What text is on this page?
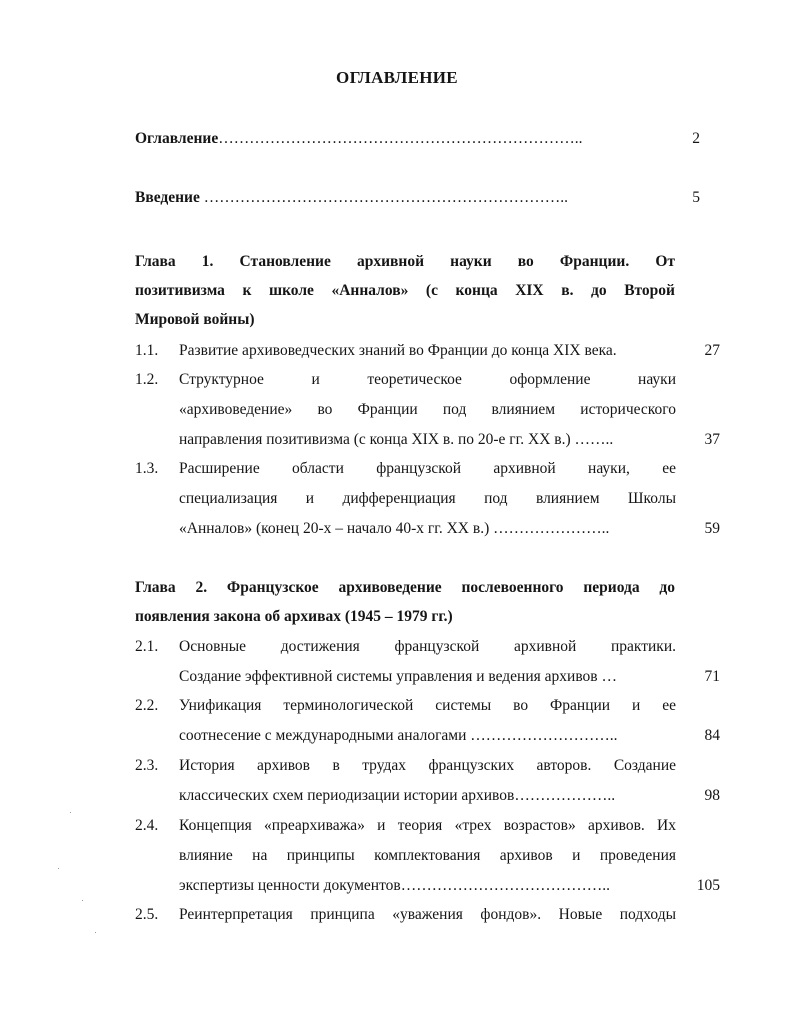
ОГЛАВЛЕНИЕ
Оглавление……………………………………………………………..	2
Введение ……………………………………………………………..	5
Глава 1. Становление архивной науки во Франции. От
позитивизма к школе «Анналов» (с конца XIX в. до Второй
Мировой войны)
1.1. Развитие архивоведческих знаний во Франции до конца XIX века.	27
1.2. Структурное и теоретическое оформление науки
«архивоведение» во Франции под влиянием исторического
направления позитивизма (с конца XIX в. по 20-е гг. XX в.) ……..	37
1.3. Расширение области французской архивной науки, ее
специализация и дифференциация под влиянием Школы
«Анналов» (конец 20-х – начало 40-х гг. XX в.) …………………..	59
Глава 2. Французское архивоведение послевоенного периода до
появления закона об архивах (1945 – 1979 гг.)
2.1. Основные достижения французской архивной практики.
Создание эффективной системы управления и ведения архивов …	71
2.2. Унификация терминологической системы во Франции и ее
соотнесение с международными аналогами ………………………..	84
2.3. История архивов в трудах французских авторов. Создание
классических схем периодизации истории архивов………………..	98
2.4. Концепция «преархиважа» и теория «трех возрастов» архивов. Их
влияние на принципы комплектования архивов и проведения
экспертизы ценности документов…………………………………..	105
2.5. Реинтерпретация принципа «уважения фондов». Новые подходы
